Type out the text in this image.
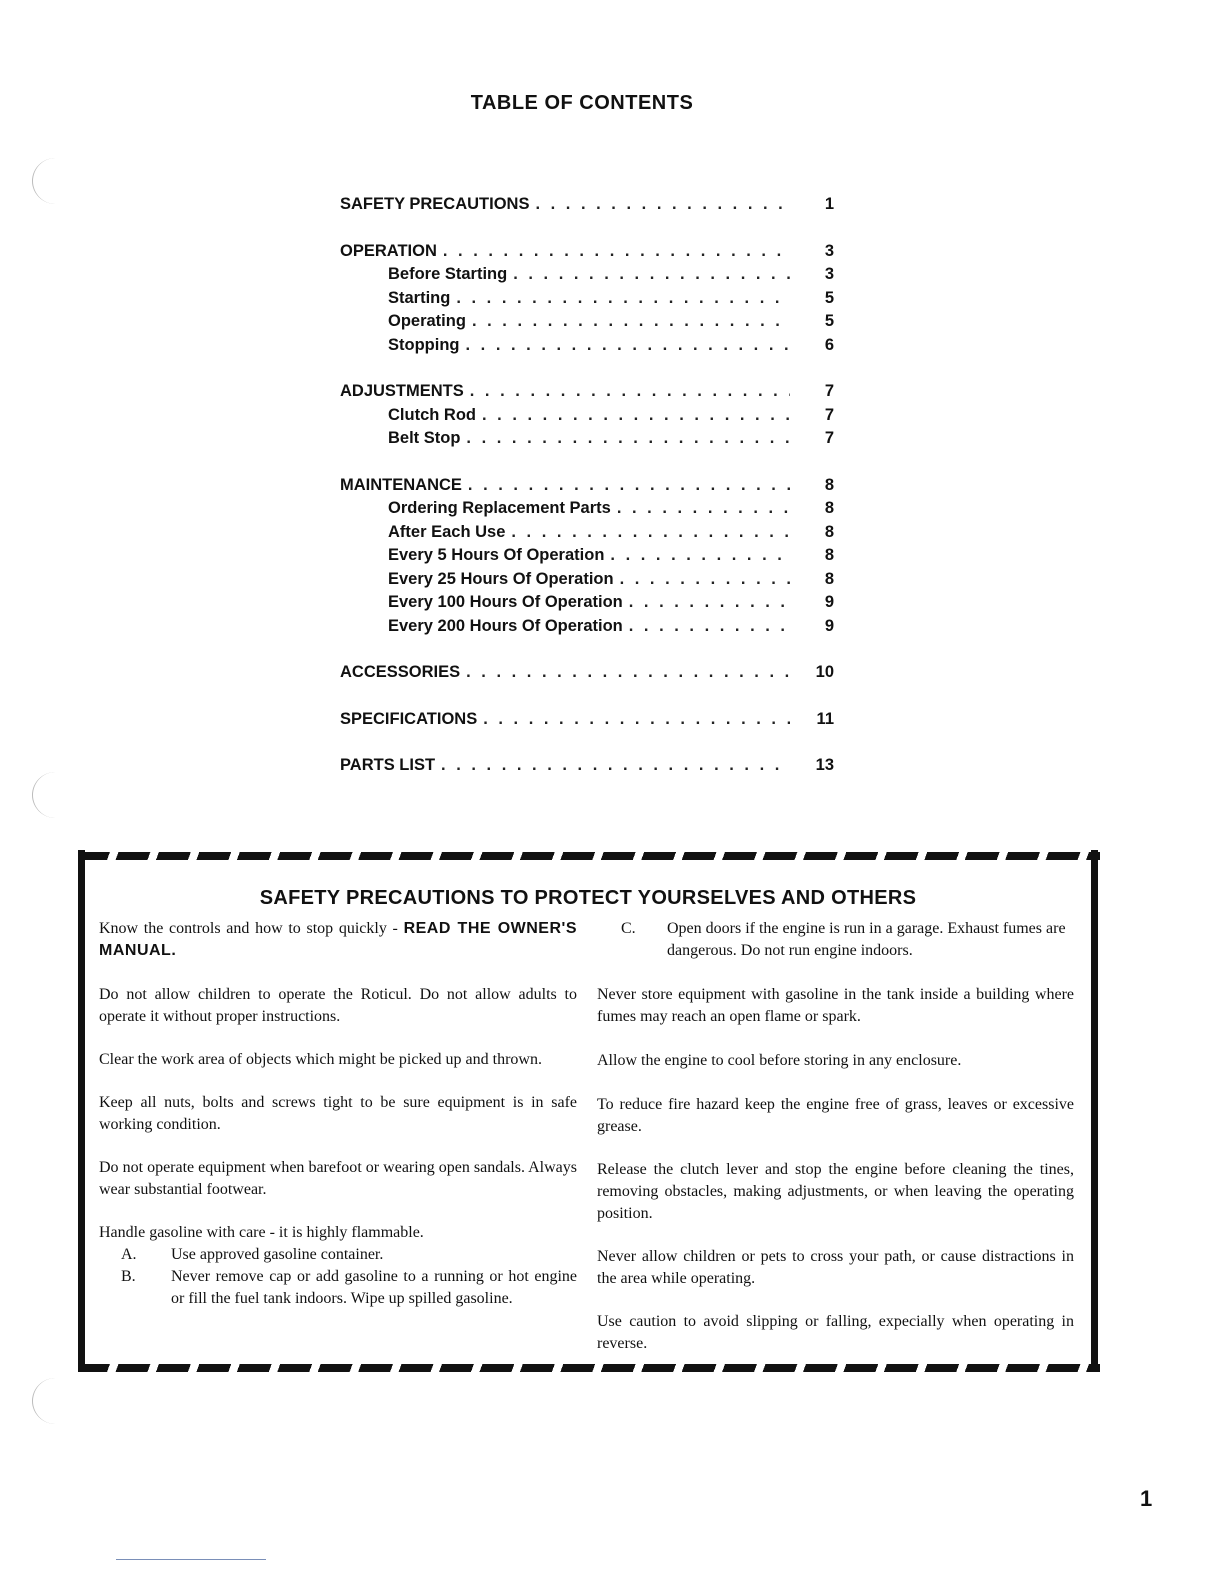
TABLE OF CONTENTS
SAFETY PRECAUTIONS . . .	1
OPERATION . . .	3
Before Starting . . .	3
Starting . . .	5
Operating . . .	5
Stopping . . .	6
ADJUSTMENTS . . .	7
Clutch Rod . . .	7
Belt Stop . . .	7
MAINTENANCE . . .	8
Ordering Replacement Parts . . .	8
After Each Use . . .	8
Every 5 Hours Of Operation . . .	8
Every 25 Hours Of Operation . . .	8
Every 100 Hours Of Operation . . .	9
Every 200 Hours Of Operation . . .	9
ACCESSORIES . . .	10
SPECIFICATIONS . . .	11
PARTS LIST . . .	13
SAFETY PRECAUTIONS TO PROTECT YOURSELVES AND OTHERS
Know the controls and how to stop quickly - READ THE OWNER'S MANUAL.
Do not allow children to operate the Roticul. Do not allow adults to operate it without proper instructions.
Clear the work area of objects which might be picked up and thrown.
Keep all nuts, bolts and screws tight to be sure equipment is in safe working condition.
Do not operate equipment when barefoot or wearing open sandals. Always wear substantial footwear.
Handle gasoline with care - it is highly flammable.
A.	Use approved gasoline container.
B.	Never remove cap or add gasoline to a running or hot engine or fill the fuel tank indoors. Wipe up spilled gasoline.
C.	Open doors if the engine is run in a garage. Exhaust fumes are dangerous. Do not run engine indoors.
Never store equipment with gasoline in the tank inside a building where fumes may reach an open flame or spark.
Allow the engine to cool before storing in any enclosure.
To reduce fire hazard keep the engine free of grass, leaves or excessive grease.
Release the clutch lever and stop the engine before cleaning the tines, removing obstacles, making adjustments, or when leaving the operating position.
Never allow children or pets to cross your path, or cause distractions in the area while operating.
Use caution to avoid slipping or falling, expecially when operating in reverse.
1
